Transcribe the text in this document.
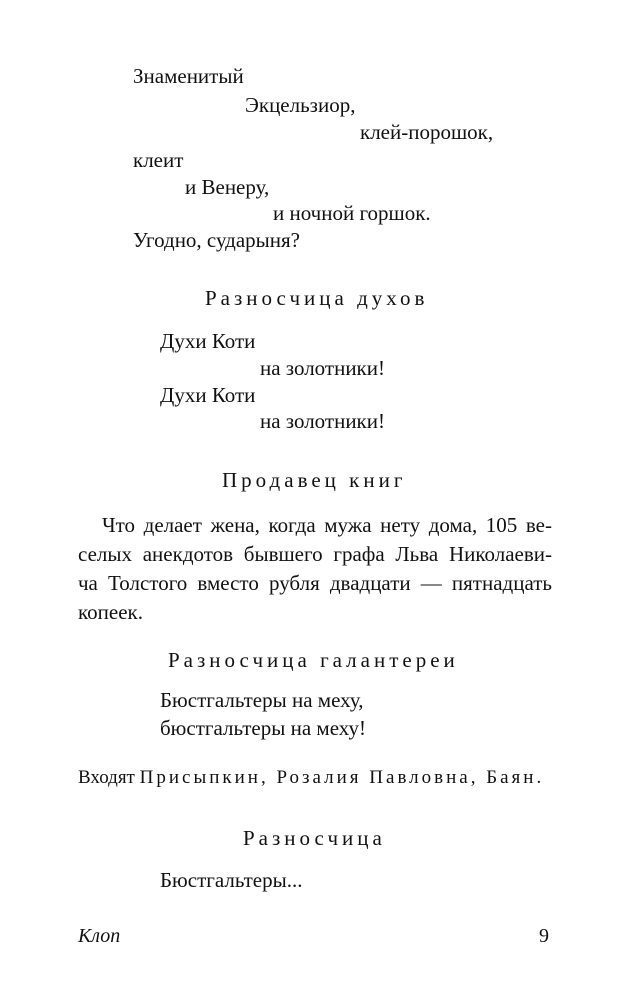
Знаменитый
Экцельзиор,
клей-порошок,
клеит
и Венеру,
и ночной горшок.
Угодно, сударыня?
Разносчица духов
Духи Коти
на золотники!
Духи Коти
на золотники!
Продавец книг
Что делает жена, когда мужа нету дома, 105 ве-
селых анекдотов бывшего графа Льва Николаеви-
ча Толстого вместо рубля двадцати — пятнадцать
копеек.
Разносчица галантереи
Бюстгальтеры на меху,
бюстгальтеры на меху!
Входят Присыпкин, Розалия Павловна, Баян.
Разносчица
Бюстгальтеры...
Клоп	9
